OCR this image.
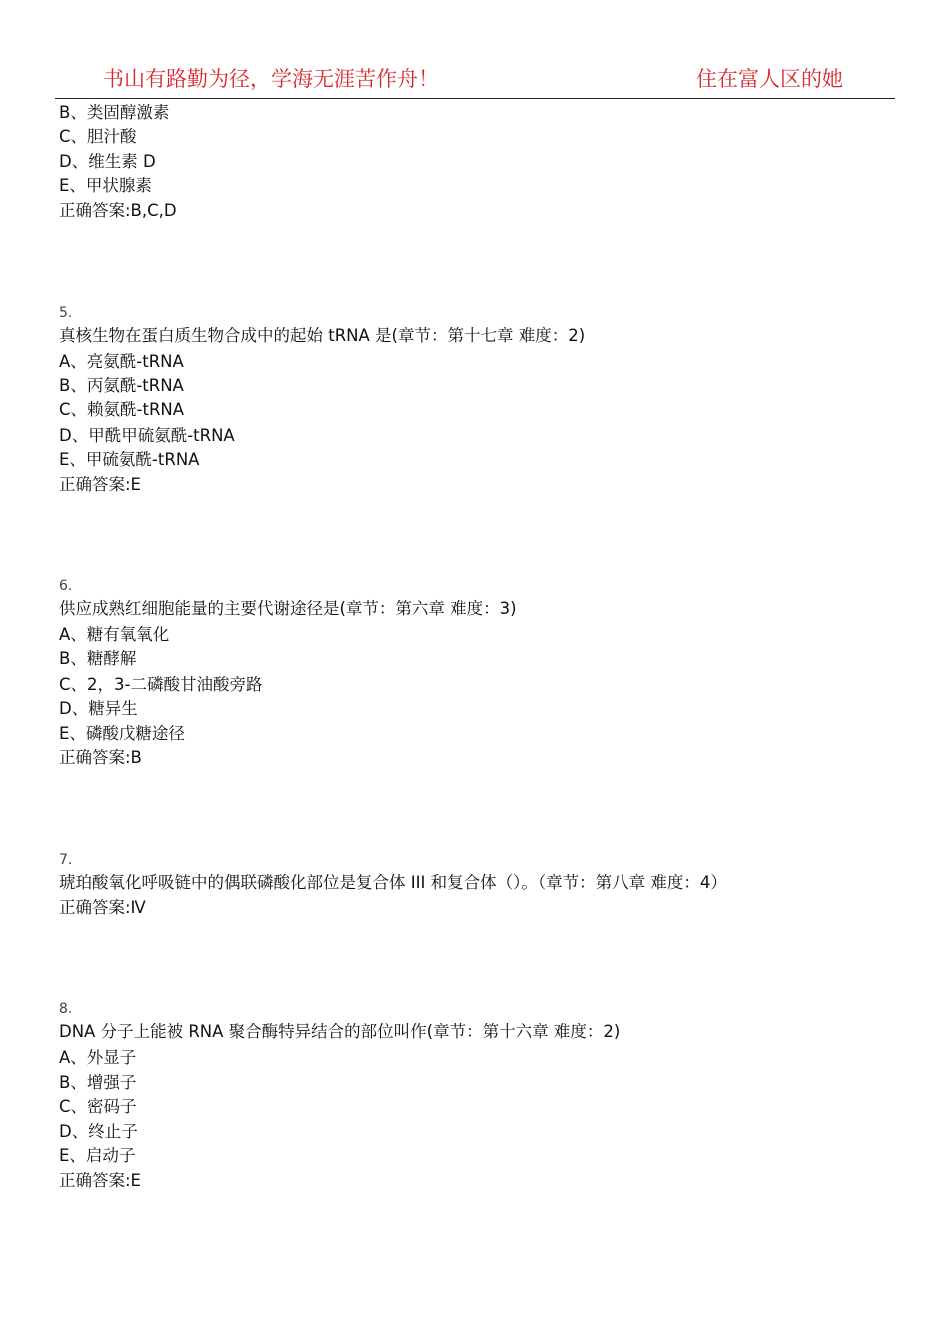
书山有路勤为径，学海无涯苦作舟！	住在富人区的她
B、类固醇激素
C、胆汁酸
D、维生素 D
E、甲状腺素
正确答案:B,C,D
5.
真核生物在蛋白质生物合成中的起始 tRNA 是(章节：第十七章 难度：2)
A、亮氨酰-tRNA
B、丙氨酰-tRNA
C、赖氨酰-tRNA
D、甲酰甲硫氨酰-tRNA
E、甲硫氨酰-tRNA
正确答案:E
6.
供应成熟红细胞能量的主要代谢途径是(章节：第六章 难度：3)
A、糖有氧氧化
B、糖酵解
C、2，3-二磷酸甘油酸旁路
D、糖异生
E、磷酸戊糖途径
正确答案:B
7.
琥珀酸氧化呼吸链中的偶联磷酸化部位是复合体 III 和复合体（）。（章节：第八章 难度：4）
正确答案:Ⅳ
8.
DNA 分子上能被 RNA 聚合酶特异结合的部位叫作(章节：第十六章 难度：2)
A、外显子
B、增强子
C、密码子
D、终止子
E、启动子
正确答案:E
